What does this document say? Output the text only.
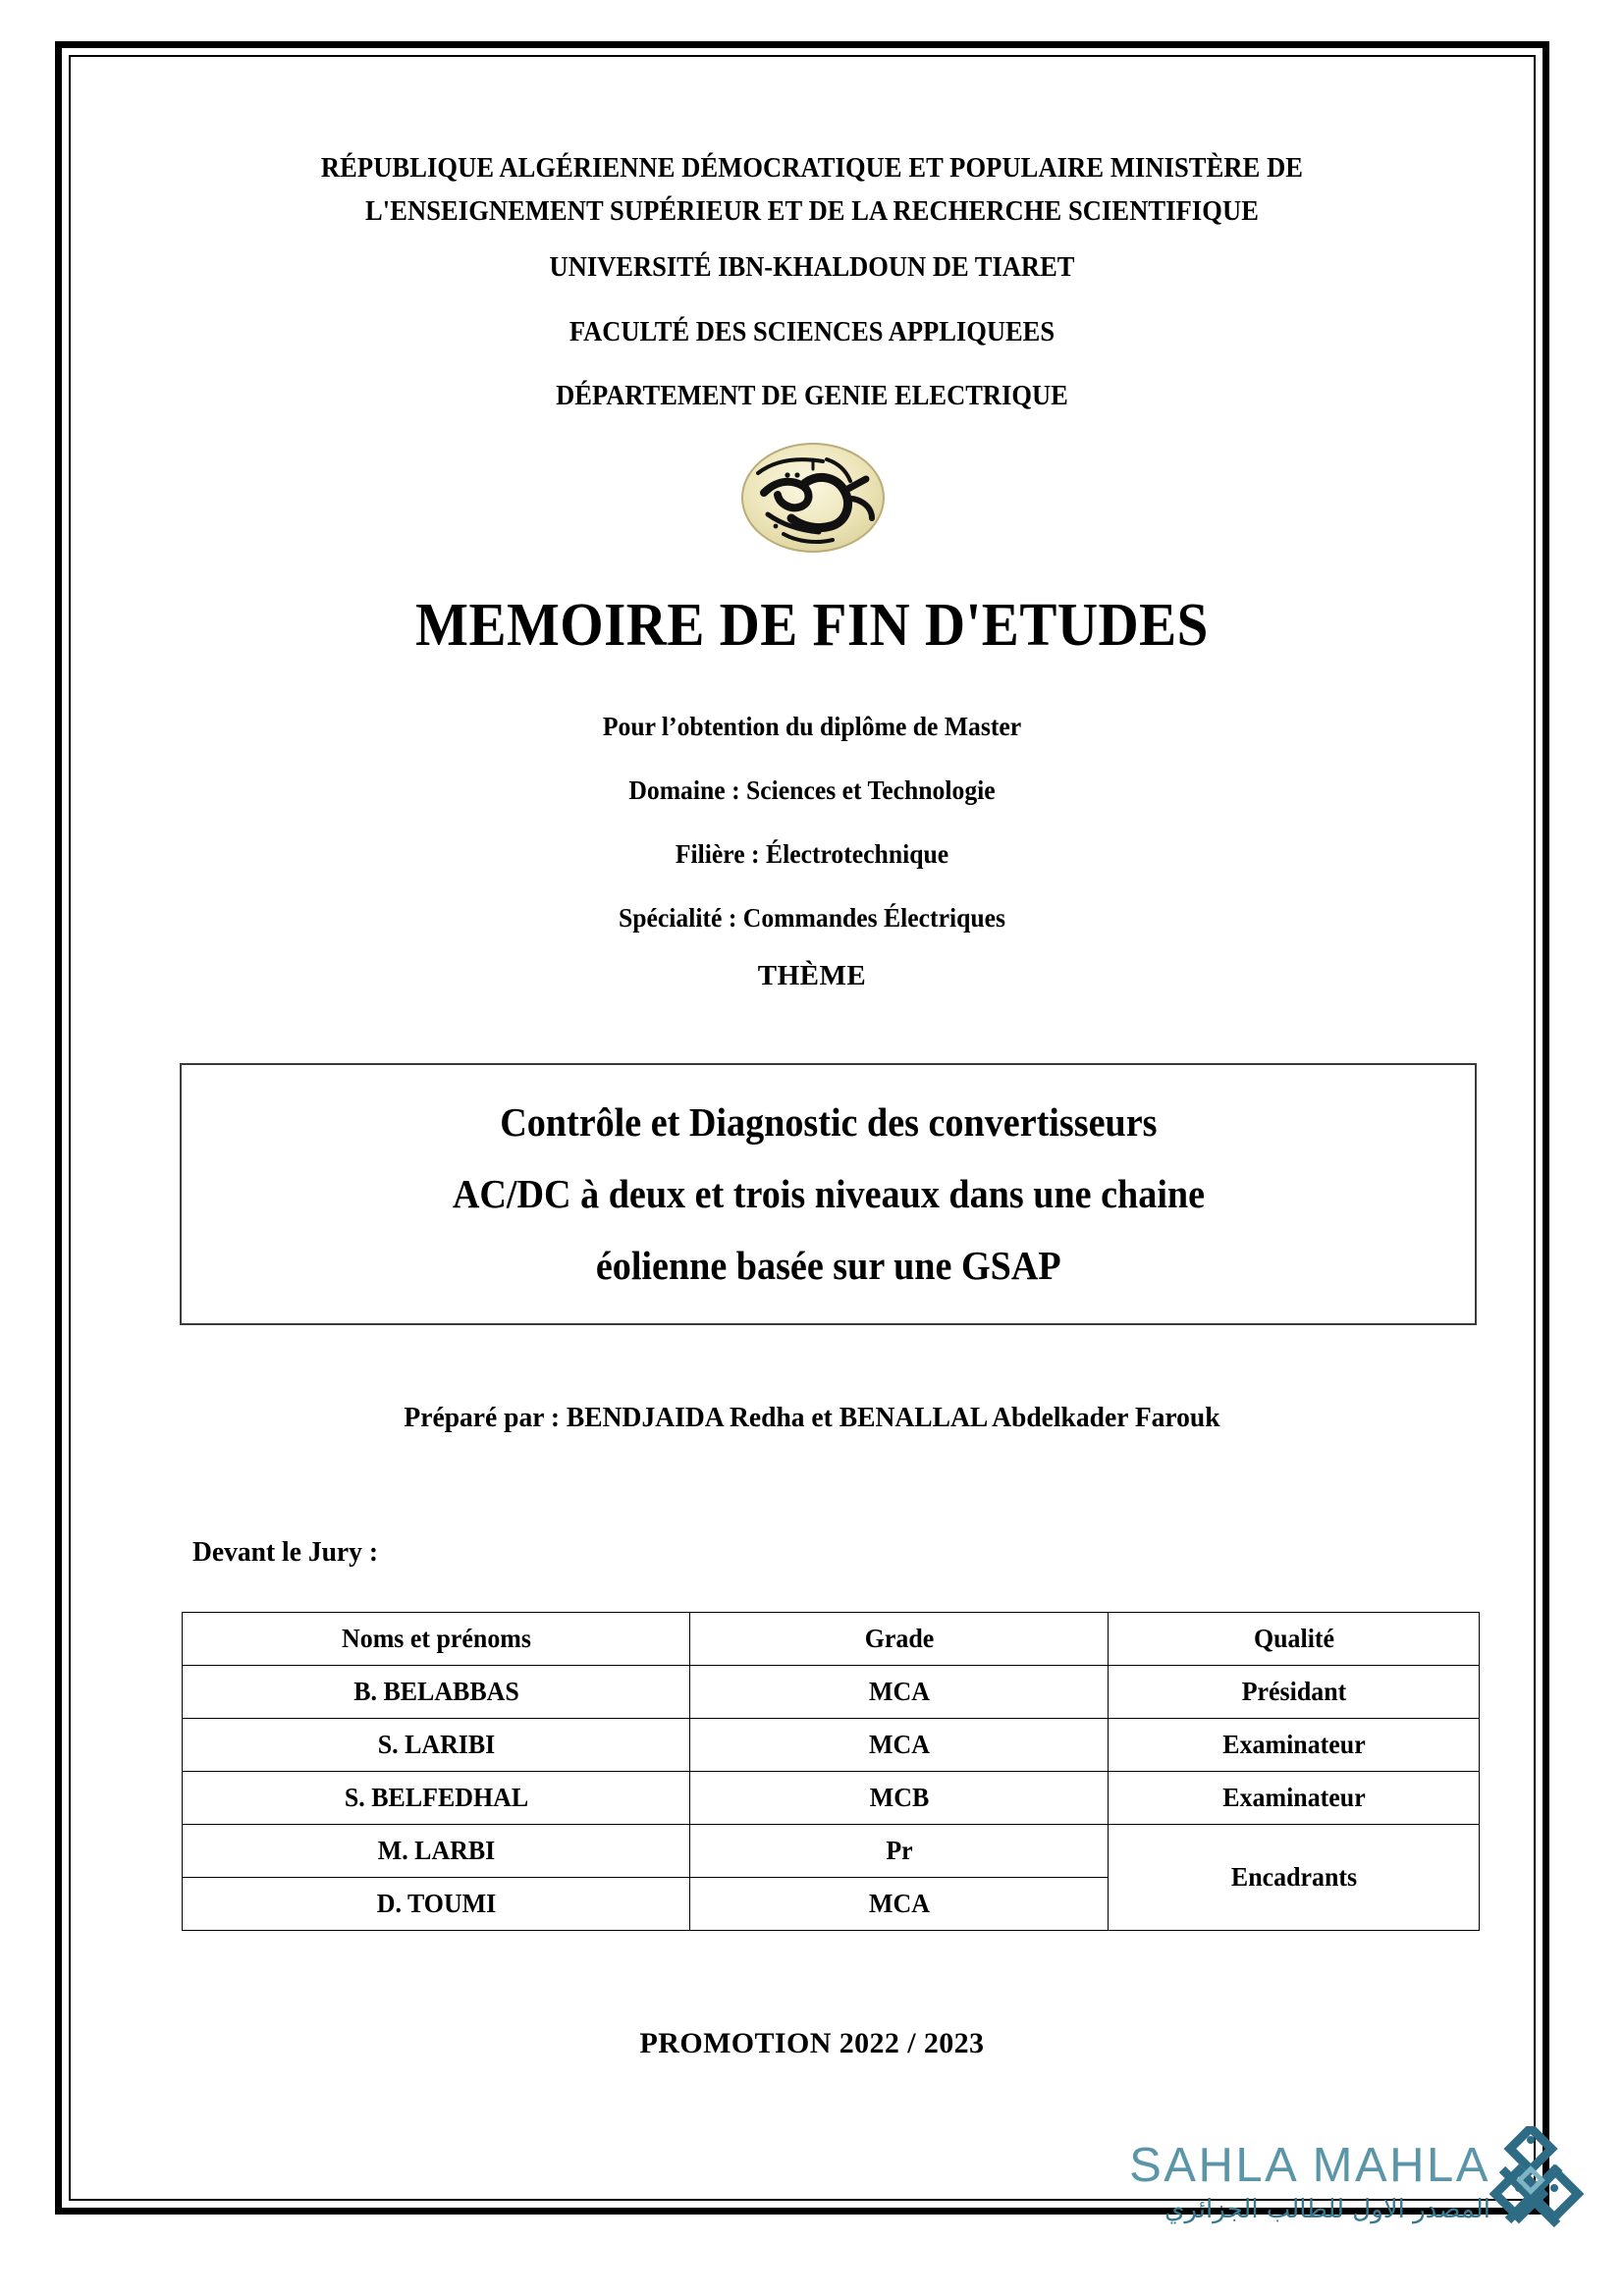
RÉPUBLIQUE ALGÉRIENNE DÉMOCRATIQUE ET POPULAIRE MINISTÈRE DE
L'ENSEIGNEMENT SUPÉRIEUR ET DE LA RECHERCHE SCIENTIFIQUE
UNIVERSITÉ IBN-KHALDOUN DE TIARET
FACULTÉ DES SCIENCES APPLIQUEES
DÉPARTEMENT DE GENIE ELECTRIQUE
MEMOIRE DE FIN D'ETUDES
Pour l’obtention du diplôme de Master
Domaine : Sciences et Technologie
Filière : Électrotechnique
Spécialité : Commandes Électriques
THÈME
Contrôle et Diagnostic des convertisseurs
AC/DC à deux et trois niveaux dans une chaine
éolienne basée sur une GSAP
Préparé par : BENDJAIDA Redha et BENALLAL Abdelkader Farouk
Devant le Jury :
Noms et prénoms	Grade	Qualité
B. BELABBAS	MCA	Présidant
S. LARIBI	MCA	Examinateur
S. BELFEDHAL	MCB	Examinateur
M. LARBI	Pr	Encadrants
D. TOUMI	MCA	
PROMOTION 2022 / 2023
SAHLA MAHLA
المصدر الاول للطالب الجزائري
